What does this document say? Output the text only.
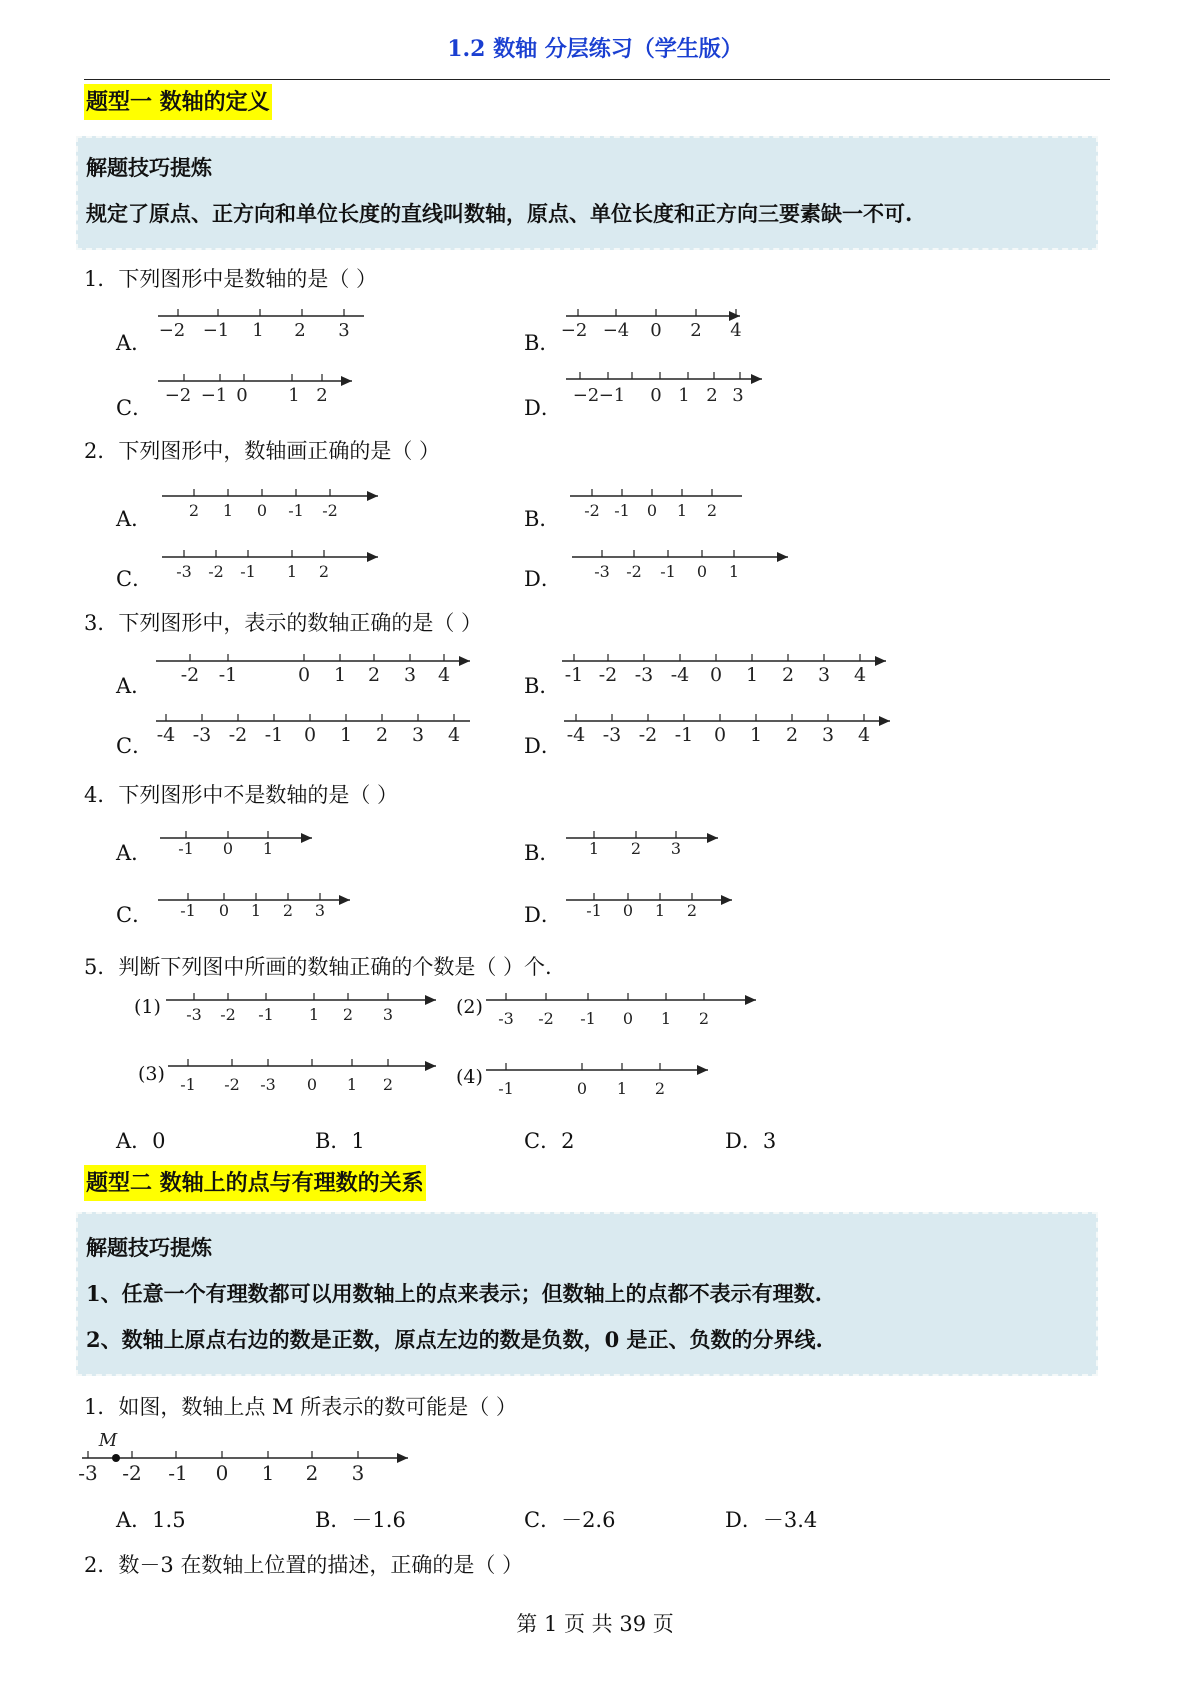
1.2 数轴 分层练习（学生版）
题型一 数轴的定义
解题技巧提炼
规定了原点、正方向和单位长度的直线叫数轴，原点、单位长度和正方向三要素缺一不可.
1．下列图形中是数轴的是（ ）
A．
−2 −1 1 2 3
B．
−2 −4 0 2 4
C．
−2 −1 0 1 2
D．
−2 −1 0 1 2 3
2．下列图形中，数轴画正确的是（ ）
A． 2 1 0 -1 -2	B． -2 -1 0 1 2
C． -3 -2 -1 1 2	D． -3 -2 -1 0 1
3．下列图形中，表示的数轴正确的是（ ）
A． -2 -1	0 1 2 3 4	B． -1 -2 -3 -4 0 1 2 3 4
C． -4 -3 -2 -1 0 1 2 3 4	D． -4 -3 -2 -1 0 1 2 3 4
4．下列图形中不是数轴的是（ ）
A． -1 0 1	B． 1 2 3
C． -1 0 1 2 3	D． -1 0 1 2
5．判断下列图中所画的数轴正确的个数是（ ）个.
(1) -3 -2 -1 1 2 3	(2)
-3 -2 -1 0 1 2
(3) -1 -2 -3 0 1 2	(4)
-1	0 1 2
A．0	B．1	C．2	D．3
题型二 数轴上的点与有理数的关系
解题技巧提炼
1、任意一个有理数都可以用数轴上的点来表示；但数轴上的点都不表示有理数.
2、数轴上原点右边的数是正数，原点左边的数是负数，0 是正、负数的分界线.
1．如图，数轴上点 M 所表示的数可能是（ ）
-3 -2 -1 0 1 2 3
M
A．1.5	B．－1.6	C．－2.6	D．－3.4
2．数－3 在数轴上位置的描述，正确的是（ ）
第 1 页 共 39 页
